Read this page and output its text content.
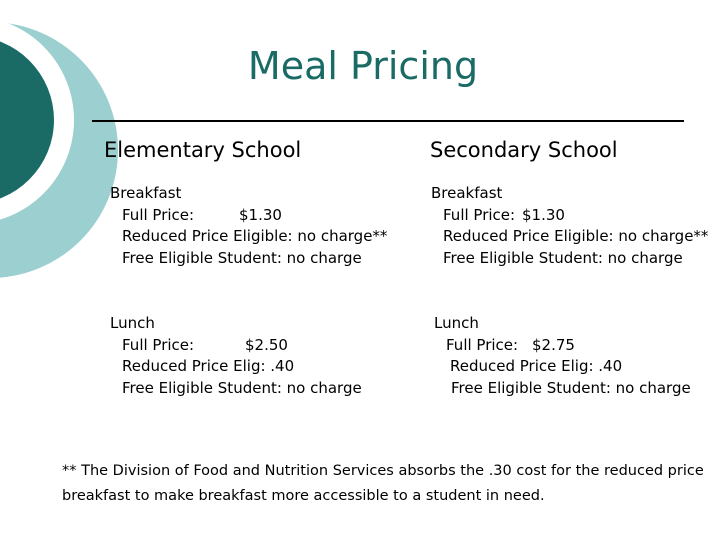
Meal Pricing
Elementary School
Breakfast
Full Price:	$1.30
Reduced Price Eligible: no charge**
Free Eligible Student: no charge
Lunch
Full Price:	$2.50
Reduced Price Elig: .40
Free Eligible Student: no charge
Secondary School
Breakfast
Full Price: $1.30
Reduced Price Eligible: no charge**
Free Eligible Student: no charge
Lunch
Full Price: $2.75
Reduced Price Elig: .40
Free Eligible Student: no charge
** The Division of Food and Nutrition Services absorbs the .30 cost for the reduced price breakfast to make breakfast more accessible to a student in need.
